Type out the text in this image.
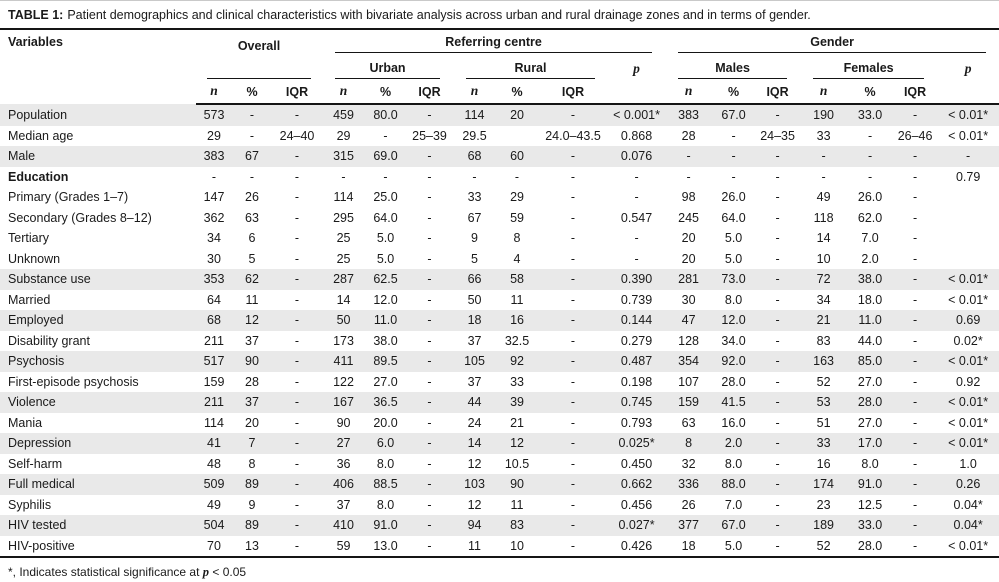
TABLE 1: Patient demographics and clinical characteristics with bivariate analysis across urban and rural drainage zones and in terms of gender.
Variables	Overall			Referring centre							Gender						

				Urban			Rural			p	Males			Females			p
	n	%	IQR	n	%	IQR	n	%	IQR		n	%	IQR	n	%	IQR	
Population	573	-	-	459	80.0	-	114	20	-	< 0.001*	383	67.0	-	190	33.0	-	< 0.01*
Median age	29	-	24–40	29	-	25–39	29.5		24.0–43.5	0.868	28	-	24–35	33	-	26–46	< 0.01*
Male	383	67	-	315	69.0	-	68	60	-	0.076	-	-	-	-	-	-	-
Education	-	-	-	-	-	-	-	-	-	-	-	-	-	-	-	-	0.79
Primary (Grades 1–7)	147	26	-	114	25.0	-	33	29	-	-	98	26.0	-	49	26.0	-	
Secondary (Grades 8–12)	362	63	-	295	64.0	-	67	59	-	0.547	245	64.0	-	118	62.0	-	
Tertiary	34	6	-	25	5.0	-	9	8	-	-	20	5.0	-	14	7.0	-	
Unknown	30	5	-	25	5.0	-	5	4	-	-	20	5.0	-	10	2.0	-	
Substance use	353	62	-	287	62.5	-	66	58	-	0.390	281	73.0	-	72	38.0	-	< 0.01*
Married	64	11	-	14	12.0	-	50	11	-	0.739	30	8.0	-	34	18.0	-	< 0.01*
Employed	68	12	-	50	11.0	-	18	16	-	0.144	47	12.0	-	21	11.0	-	0.69
Disability grant	211	37	-	173	38.0	-	37	32.5	-	0.279	128	34.0	-	83	44.0	-	0.02*
Psychosis	517	90	-	411	89.5	-	105	92	-	0.487	354	92.0	-	163	85.0	-	< 0.01*
First-episode psychosis	159	28	-	122	27.0	-	37	33	-	0.198	107	28.0	-	52	27.0	-	0.92
Violence	211	37	-	167	36.5	-	44	39	-	0.745	159	41.5	-	53	28.0	-	< 0.01*
Mania	114	20	-	90	20.0	-	24	21	-	0.793	63	16.0	-	51	27.0	-	< 0.01*
Depression	41	7	-	27	6.0	-	14	12	-	0.025*	8	2.0	-	33	17.0	-	< 0.01*
Self-harm	48	8	-	36	8.0	-	12	10.5	-	0.450	32	8.0	-	16	8.0	-	1.0
Full medical	509	89	-	406	88.5	-	103	90	-	0.662	336	88.0	-	174	91.0	-	0.26
Syphilis	49	9	-	37	8.0	-	12	11	-	0.456	26	7.0	-	23	12.5	-	0.04*
HIV tested	504	89	-	410	91.0	-	94	83	-	0.027*	377	67.0	-	189	33.0	-	0.04*
HIV-positive	70	13	-	59	13.0	-	11	10	-	0.426	18	5.0	-	52	28.0	-	< 0.01*
*, Indicates statistical significance at p < 0.05
